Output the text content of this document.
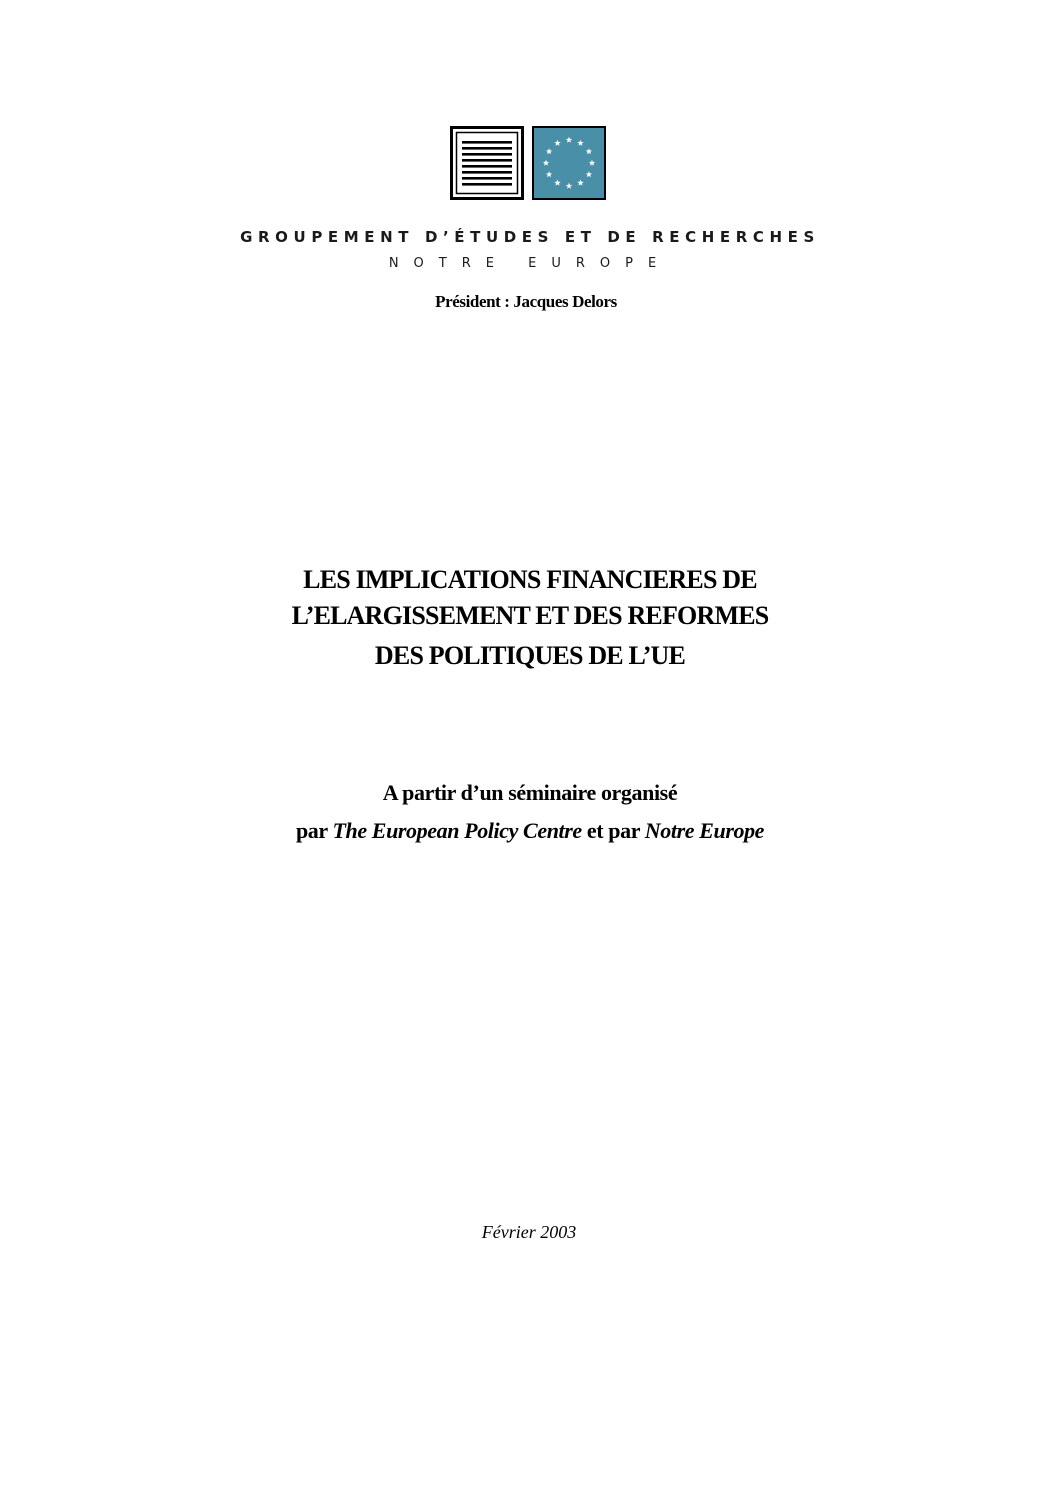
GROUPEMENT D’ÉTUDES ET DE RECHERCHES
NOTRE EUROPE
Président : Jacques Delors
LES IMPLICATIONS FINANCIERES DE
L’ELARGISSEMENT ET DES REFORMES
DES POLITIQUES DE L’UE
A partir d’un séminaire organisé
par The European Policy Centre et par Notre Europe
Février 2003
